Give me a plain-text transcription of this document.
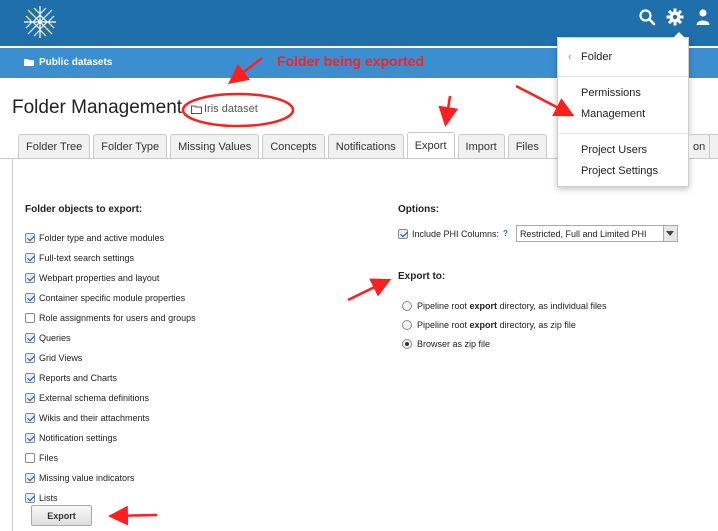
Public datasets
Folder Management Iris dataset
Folder Tree	Folder Type	Missing Values	Concepts	Notifications	Export	Import	Files
Folder objects to export:
Folder type and active modules
Full-text search settings
Webpart properties and layout
Container specific module properties
Role assignments for users and groups
Queries
Grid Views
Reports and Charts
External schema definitions
Wikis and their attachments
Notification settings
Files
Missing value indicators
Lists
Export
Options:
Include PHI Columns: ? Restricted, Full and Limited PHI
Export to:
Pipeline root export directory, as individual files
Pipeline root export directory, as zip file
Browser as zip file
‹ Folder
Permissions
Management
Project Users
Project Settings
on
Folder being exported
